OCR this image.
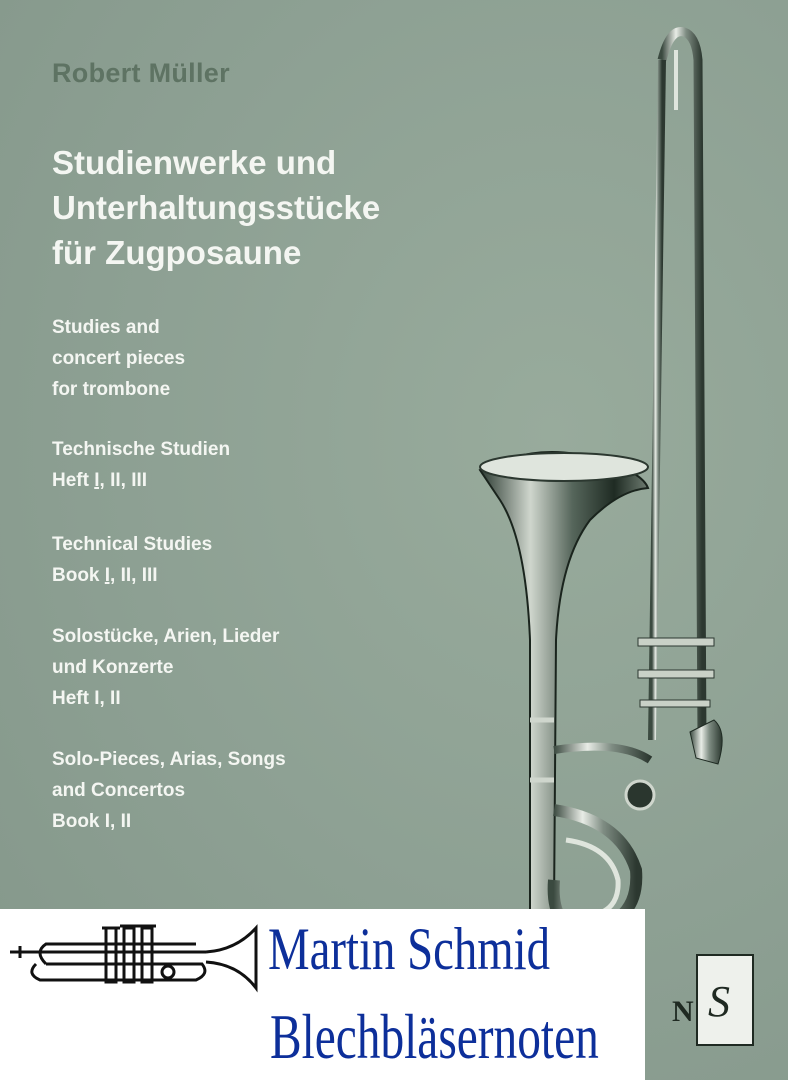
Robert Müller
Studienwerke und
Unterhaltungsstücke
für Zugposaune
Studies and
concert pieces
for trombone
Technische Studien
Heft I, II, III
Technical Studies
Book I, II, III
Solostücke, Arien, Lieder
und Konzerte
Heft I, II
Solo-Pieces, Arias, Songs
and Concertos
Book I, II
N S
Martin Schmid
Blechbläsernoten
